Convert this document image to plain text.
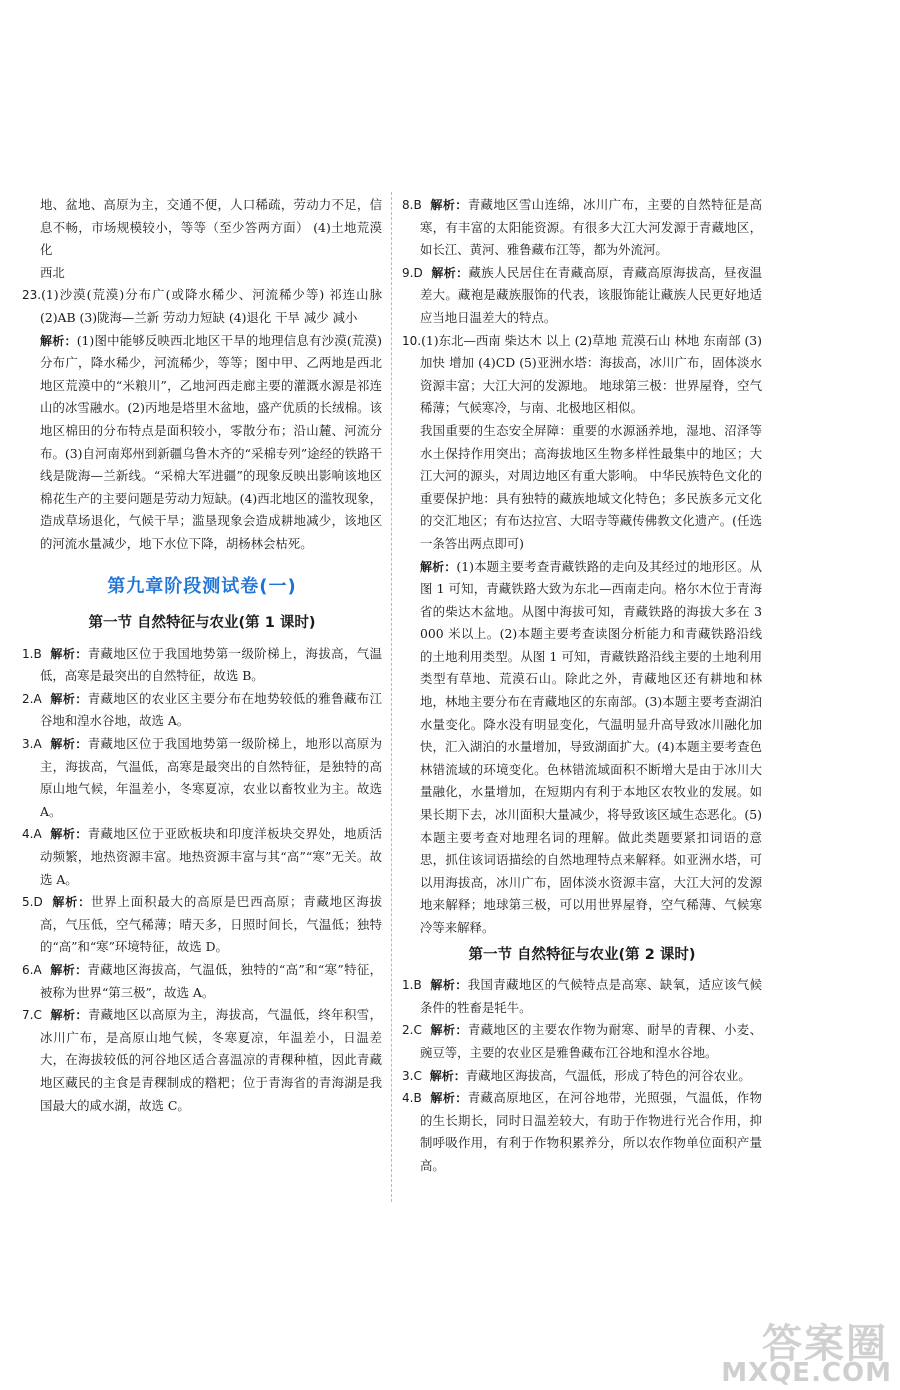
地、盆地、高原为主，交通不便，人口稀疏，劳动力不足，信息不畅，市场规模较小，等等（至少答两方面） (4)土地荒漠化
西北
23.(1)沙漠(荒漠)分布广(或降水稀少、河流稀少等) 祁连山脉 (2)AB (3)陇海—兰新 劳动力短缺 (4)退化 干旱 减少 减小
解析：(1)图中能够反映西北地区干旱的地理信息有沙漠(荒漠)分布广，降水稀少，河流稀少，等等；图中甲、乙两地是西北地区荒漠中的“米粮川”，乙地河西走廊主要的灌溉水源是祁连山的冰雪融水。(2)丙地是塔里木盆地，盛产优质的长绒棉。该地区棉田的分布特点是面积较小，零散分布；沿山麓、河流分布。(3)自河南郑州到新疆乌鲁木齐的“采棉专列”途经的铁路干线是陇海—兰新线。“采棉大军进疆”的现象反映出影响该地区棉花生产的主要问题是劳动力短缺。(4)西北地区的滥牧现象，造成草场退化，气候干旱；滥垦现象会造成耕地减少，该地区的河流水量减少，地下水位下降，胡杨林会枯死。
第九章阶段测试卷(一)
第一节 自然特征与农业(第 1 课时)
1.B 解析：青藏地区位于我国地势第一级阶梯上，海拔高，气温低，高寒是最突出的自然特征，故选 B。
2.A 解析：青藏地区的农业区主要分布在地势较低的雅鲁藏布江谷地和湟水谷地，故选 A。
3.A 解析：青藏地区位于我国地势第一级阶梯上，地形以高原为主，海拔高，气温低，高寒是最突出的自然特征，是独特的高原山地气候，年温差小，冬寒夏凉，农业以畜牧业为主。故选 A。
4.A 解析：青藏地区位于亚欧板块和印度洋板块交界处，地质活动频繁，地热资源丰富。地热资源丰富与其“高”“寒”无关。故选 A。
5.D 解析：世界上面积最大的高原是巴西高原；青藏地区海拔高，气压低，空气稀薄；晴天多，日照时间长，气温低；独特的“高”和“寒”环境特征，故选 D。
6.A 解析：青藏地区海拔高，气温低，独特的“高”和“寒”特征，被称为世界“第三极”，故选 A。
7.C 解析：青藏地区以高原为主，海拔高，气温低，终年积雪，冰川广布，是高原山地气候，冬寒夏凉，年温差小，日温差大，在海拔较低的河谷地区适合喜温凉的青稞种植，因此青藏地区藏民的主食是青稞制成的糌粑；位于青海省的青海湖是我国最大的咸水湖，故选 C。
8.B 解析：青藏地区雪山连绵，冰川广布，主要的自然特征是高寒，有丰富的太阳能资源。有很多大江大河发源于青藏地区，如长江、黄河、雅鲁藏布江等，都为外流河。
9.D 解析：藏族人民居住在青藏高原，青藏高原海拔高，昼夜温差大。藏袍是藏族服饰的代表，该服饰能让藏族人民更好地适应当地日温差大的特点。
10.(1)东北—西南 柴达木 以上 (2)草地 荒漠石山 林地 东南部 (3)加快 增加 (4)CD (5)亚洲水塔：海拔高，冰川广布，固体淡水资源丰富；大江大河的发源地。 地球第三极：世界屋脊，空气稀薄；气候寒冷，与南、北极地区相似。
我国重要的生态安全屏障：重要的水源涵养地，湿地、沼泽等水土保持作用突出；高海拔地区生物多样性最集中的地区；大江大河的源头，对周边地区有重大影响。 中华民族特色文化的重要保护地：具有独特的藏族地域文化特色；多民族多元文化的交汇地区；有布达拉宫、大昭寺等藏传佛教文化遗产。(任选一条答出两点即可)
解析：(1)本题主要考查青藏铁路的走向及其经过的地形区。从图 1 可知，青藏铁路大致为东北—西南走向。格尔木位于青海省的柴达木盆地。从图中海拔可知，青藏铁路的海拔大多在 3 000 米以上。(2)本题主要考查读图分析能力和青藏铁路沿线的土地利用类型。从图 1 可知，青藏铁路沿线主要的土地利用类型有草地、荒漠石山。除此之外，青藏地区还有耕地和林地，林地主要分布在青藏地区的东南部。(3)本题主要考查湖泊水量变化。降水没有明显变化，气温明显升高导致冰川融化加快，汇入湖泊的水量增加，导致湖面扩大。(4)本题主要考查色林错流域的环境变化。色林错流域面积不断增大是由于冰川大量融化，水量增加，在短期内有利于本地区农牧业的发展。如果长期下去，冰川面积大量减少，将导致该区域生态恶化。(5)本题主要考查对地理名词的理解。做此类题要紧扣词语的意思，抓住该词语描绘的自然地理特点来解释。如亚洲水塔，可以用海拔高，冰川广布，固体淡水资源丰富，大江大河的发源地来解释；地球第三极，可以用世界屋脊，空气稀薄、气候寒冷等来解释。
第一节 自然特征与农业(第 2 课时)
1.B 解析：我国青藏地区的气候特点是高寒、缺氧，适应该气候条件的牲畜是牦牛。
2.C 解析：青藏地区的主要农作物为耐寒、耐旱的青稞、小麦、豌豆等，主要的农业区是雅鲁藏布江谷地和湟水谷地。
3.C 解析：青藏地区海拔高，气温低，形成了特色的河谷农业。
4.B 解析：青藏高原地区，在河谷地带，光照强，气温低，作物的生长期长，同时日温差较大，有助于作物进行光合作用，抑制呼吸作用，有利于作物积累养分，所以农作物单位面积产量高。
答案圈
MXQE.COM
